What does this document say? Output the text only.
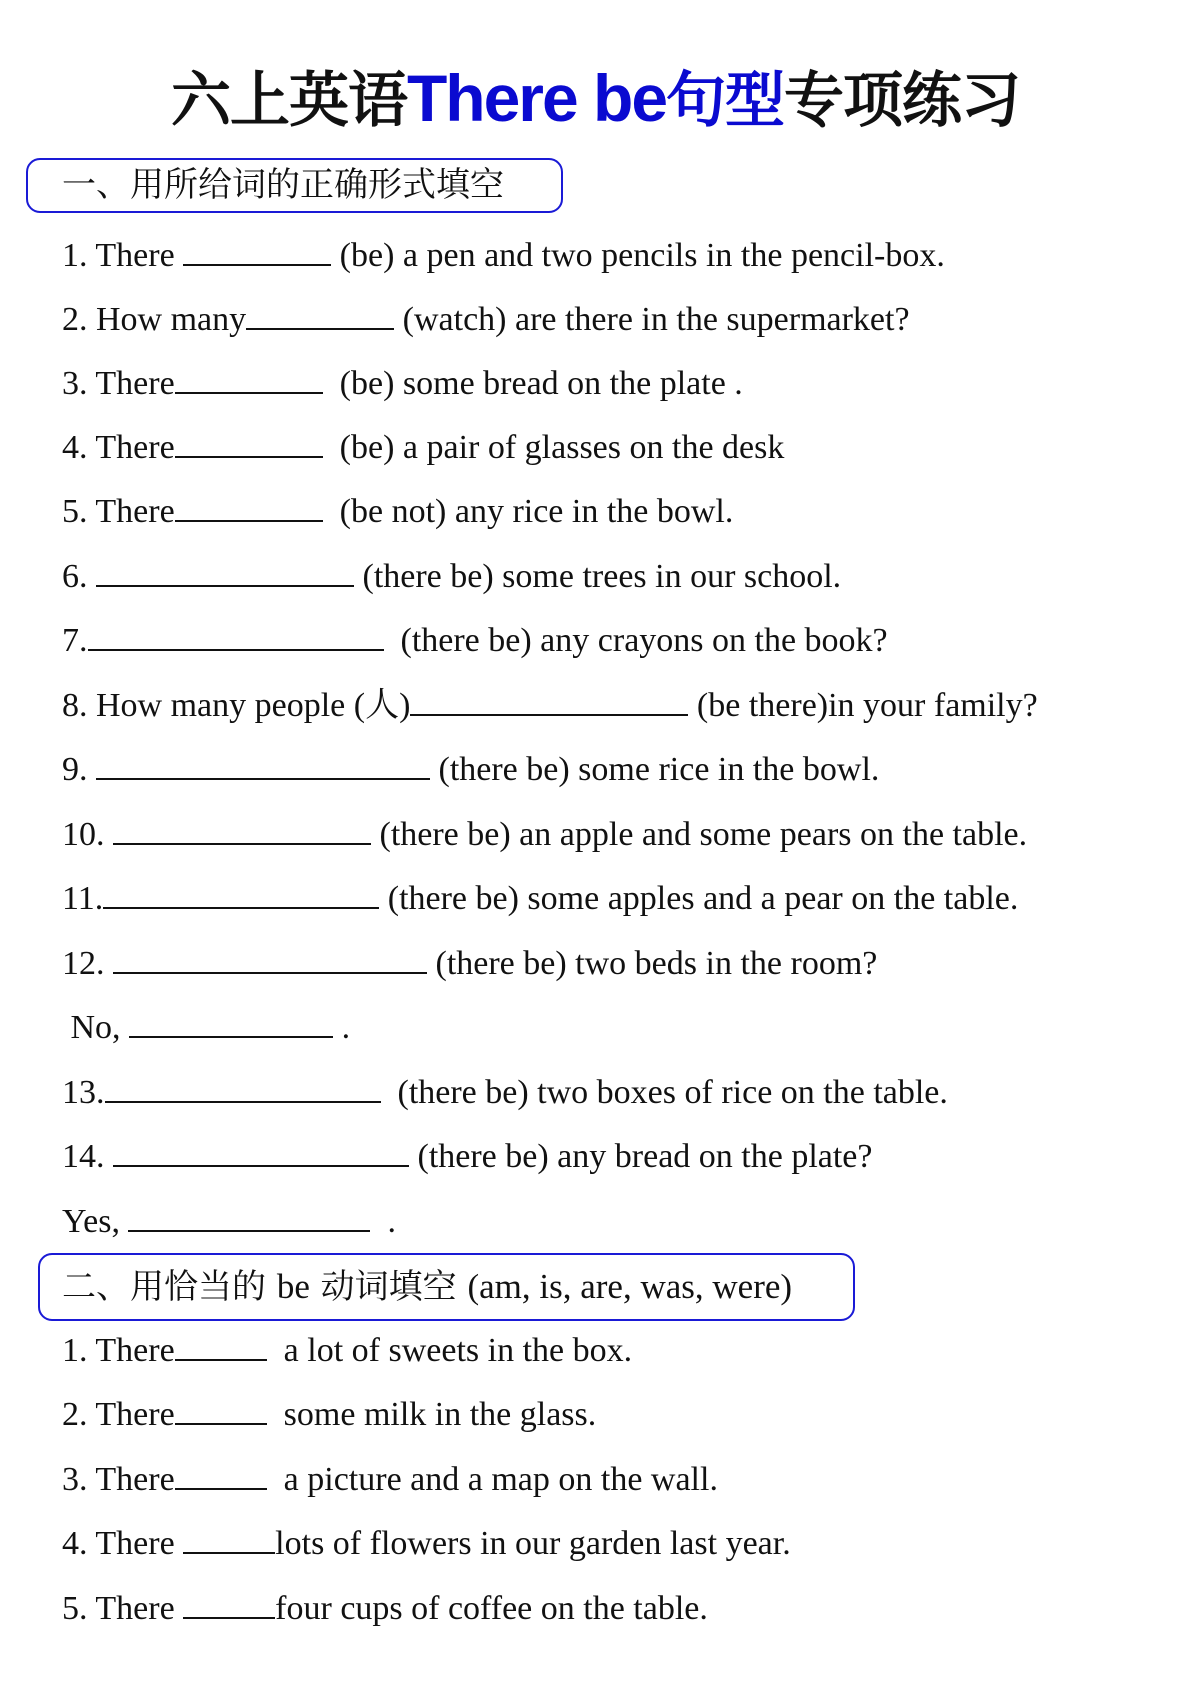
六上英语There be句型专项练习
一、用所给词的正确形式填空
1. There	(be) a pen and two pencils in the pencil-box.
2. How many	(watch) are there in the supermarket?
3. There	(be) some bread on the plate .
4. There	(be) a pair of glasses on the desk
5. There	(be not) any rice in the bowl.
6.	(there be) some trees in our school.
7.	(there be) any crayons on the book?
8. How many people (人)	(be there)in your family?
9.	(there be) some rice in the bowl.
10.	(there be) an apple and some pears on the table.
11.	(there be) some apples and a pear on the table.
12.	(there be) two beds in the room?
No,	.
13.	(there be) two boxes of rice on the table.
14.	(there be) any bread on the plate?
Yes,	.
二、用恰当的 be 动词填空 (am, is, are, was, were)
1. There	a lot of sweets in the box.
2. There	some milk in the glass.
3. There	a picture and a map on the wall.
4. There	lots of flowers in our garden last year.
5. There	four cups of coffee on the table.
